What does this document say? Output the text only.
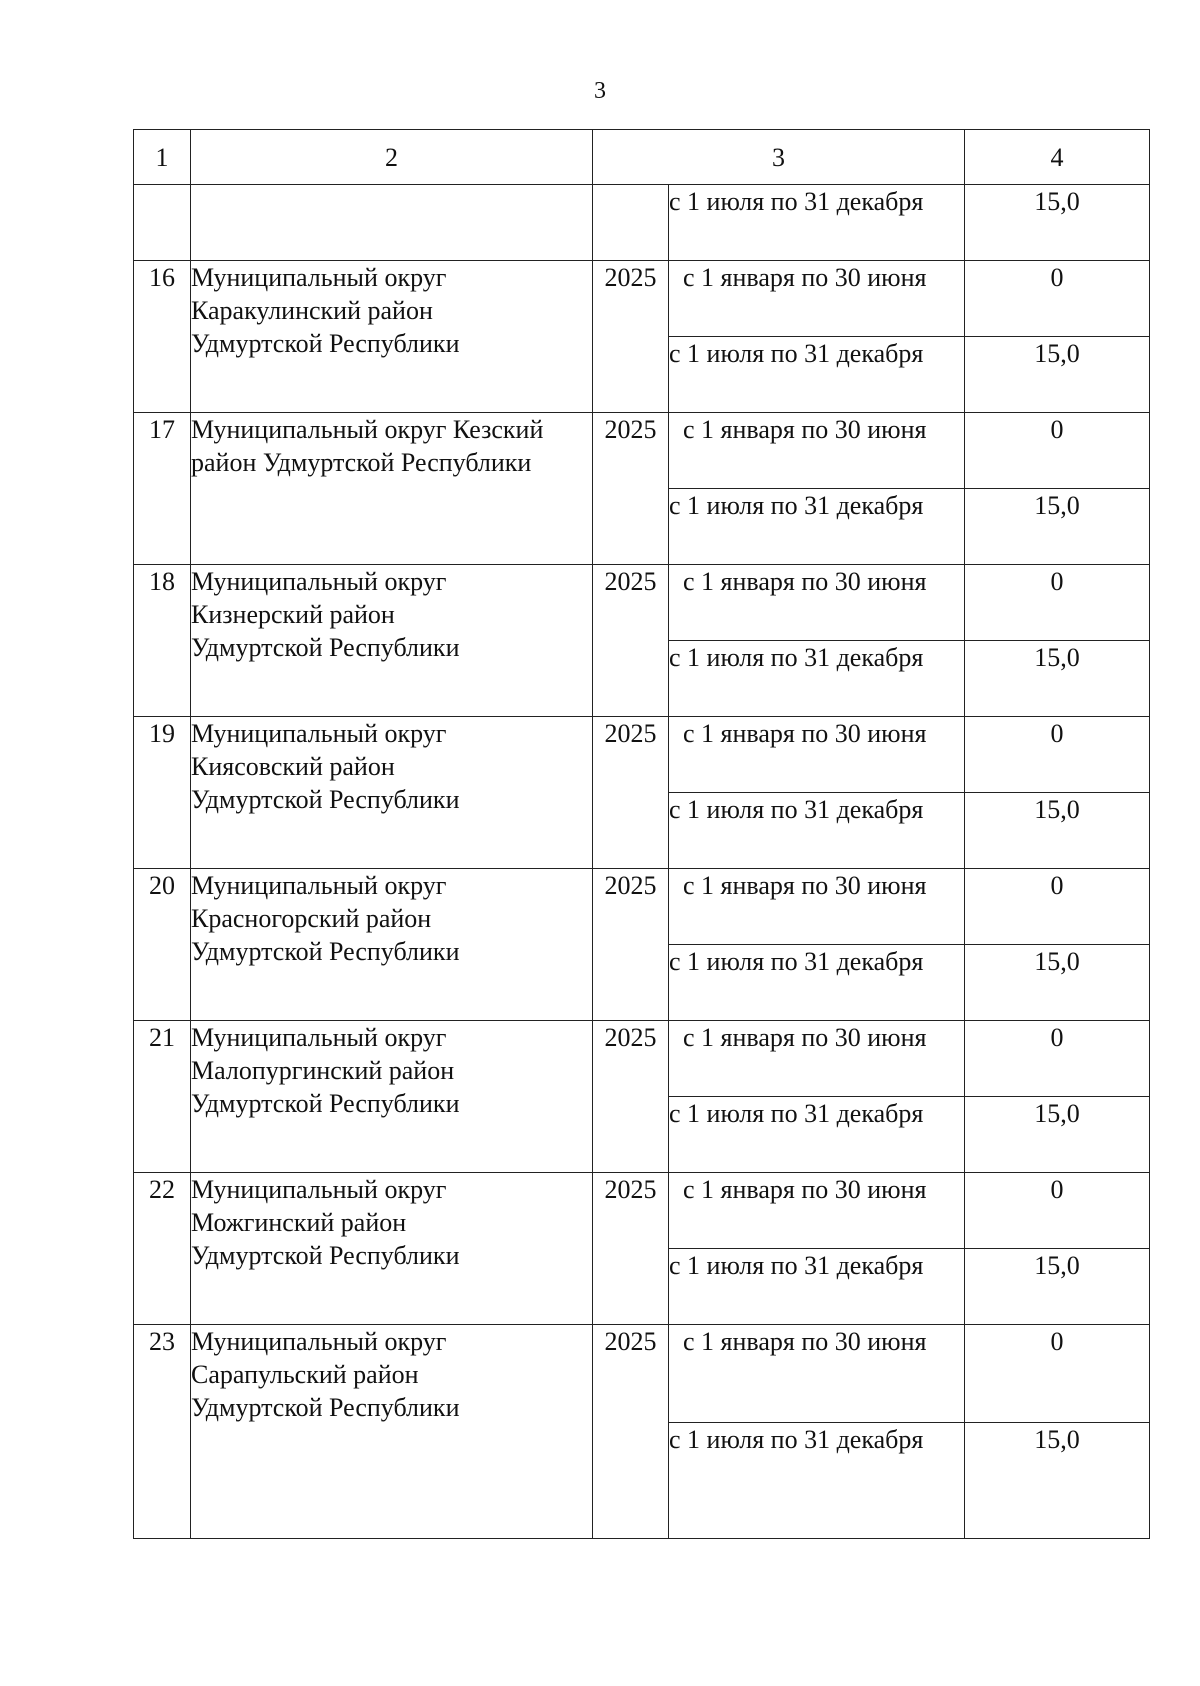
3
1	2	3		4
			с 1 июля по 31 декабря	15,0
16	Муниципальный округ
Каракулинский район
Удмуртской Республики	2025	с 1 января по 30 июня	0
			с 1 июля по 31 декабря	15,0
17	Муниципальный округ Кезский
район Удмуртской Республики	2025	с 1 января по 30 июня	0
			с 1 июля по 31 декабря	15,0
18	Муниципальный округ
Кизнерский район
Удмуртской Республики	2025	с 1 января по 30 июня	0
			с 1 июля по 31 декабря	15,0
19	Муниципальный округ
Киясовский район
Удмуртской Республики	2025	с 1 января по 30 июня	0
			с 1 июля по 31 декабря	15,0
20	Муниципальный округ
Красногорский район
Удмуртской Республики	2025	с 1 января по 30 июня	0
			с 1 июля по 31 декабря	15,0
21	Муниципальный округ
Малопургинский район
Удмуртской Республики	2025	с 1 января по 30 июня	0
			с 1 июля по 31 декабря	15,0
22	Муниципальный округ
Можгинский район
Удмуртской Республики	2025	с 1 января по 30 июня	0
			с 1 июля по 31 декабря	15,0
23	Муниципальный округ
Сарапульский район
Удмуртской Республики	2025	с 1 января по 30 июня	0
			с 1 июля по 31 декабря	15,0
